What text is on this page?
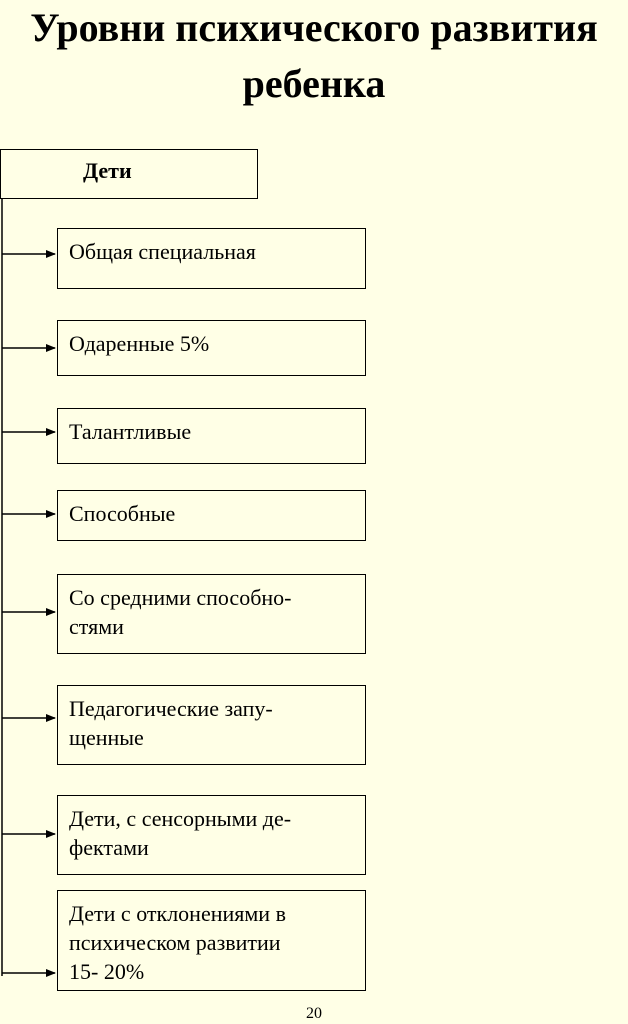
Уровни психического развития
ребенка
Дети
Общая специальная
Одаренные 5%
Талантливые
Способные
Со средними способно-
стями
Педагогические запу-
щенные
Дети, с сенсорными де-
фектами
Дети с отклонениями в
психическом развитии
15- 20%
20
